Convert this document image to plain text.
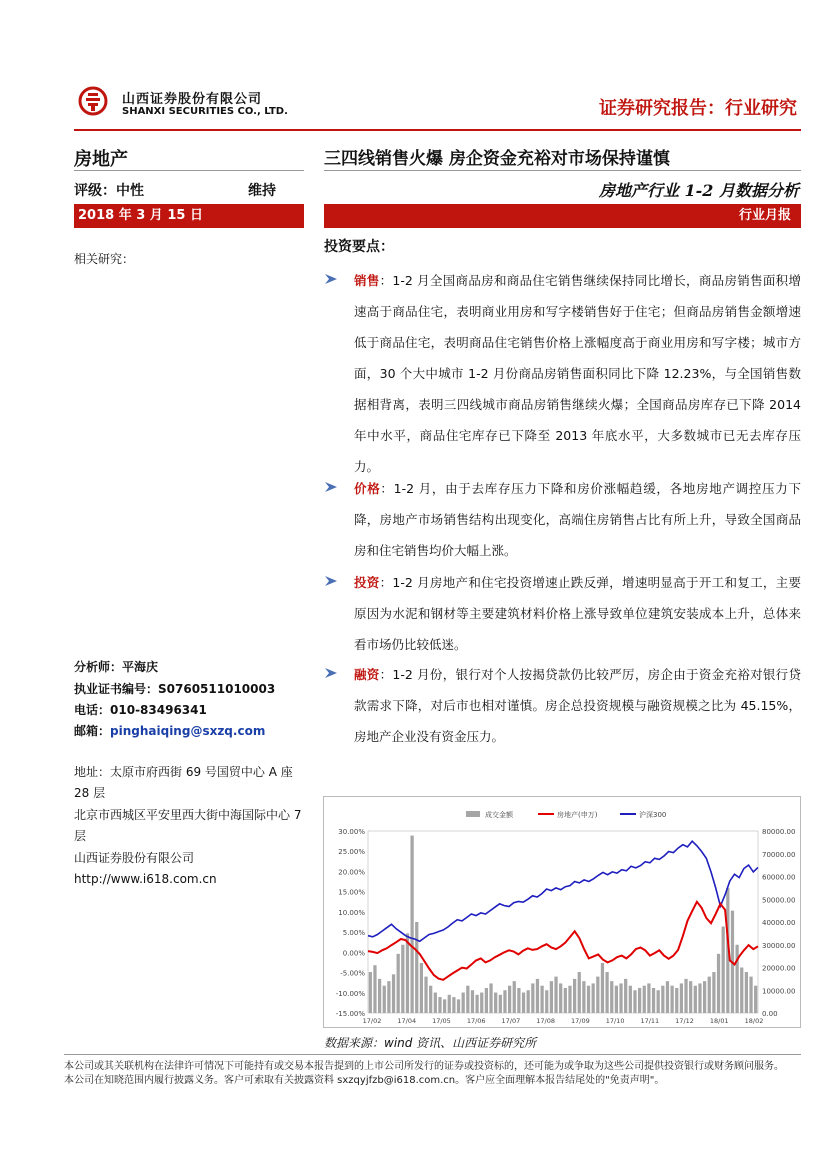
山西证券股份有限公司
SHANXI SECURITIES CO., LTD.	证券研究报告：行业研究
房地产
评级：中性	维持
2018 年 3 月 15 日
相关研究：
三四线销售火爆 房企资金充裕对市场保持谨慎
房地产行业 1-2 月数据分析
行业月报
投资要点：
销售：1-2 月全国商品房和商品住宅销售继续保持同比增长，商品房销售面积增速高于商品住宅，表明商业用房和写字楼销售好于住宅；但商品房销售金额增速低于商品住宅，表明商品住宅销售价格上涨幅度高于商业用房和写字楼；城市方面，30 个大中城市 1-2 月份商品房销售面积同比下降 12.23%，与全国销售数据相背离，表明三四线城市商品房销售继续火爆；全国商品房库存已下降 2014 年中水平，商品住宅库存已下降至 2013 年底水平，大多数城市已无去库存压力。
价格：1-2 月，由于去库存压力下降和房价涨幅趋缓，各地房地产调控压力下降，房地产市场销售结构出现变化，高端住房销售占比有所上升，导致全国商品房和住宅销售均价大幅上涨。
投资：1-2 月房地产和住宅投资增速止跌反弹，增速明显高于开工和复工，主要原因为水泥和钢材等主要建筑材料价格上涨导致单位建筑安装成本上升，总体来看市场仍比较低迷。
融资：1-2 月份，银行对个人按揭贷款仍比较严厉，房企由于资金充裕对银行贷款需求下降，对后市也相对谨慎。房企总投资规模与融资规模之比为 45.15%，房地产企业没有资金压力。
分析师：平海庆
执业证书编号：S0760511010003
电话：010-83496341
邮箱：pinghaiqing@sxzq.com
地址：太原市府西街 69 号国贸中心 A 座 28 层
北京市西城区平安里西大街中海国际中心 7 层
山西证券股份有限公司
http://www.i618.com.cn
30.00%
25.00%
20.00%
15.00%
10.00%
5.00%
0.00%
-5.00%
-10.00%
-15.00%
80000.00
70000.00
60000.00
50000.00
40000.00
30000.00
20000.00
10000.00
0.00
17/02 17/04 17/05 17/06 17/07 17/08 17/09 17/10 17/11 17/12 18/01 18/02
成交金额	房地产(申万)	沪深300
数据来源：wind 资讯、山西证券研究所
本公司或其关联机构在法律许可情况下可能持有或交易本报告提到的上市公司所发行的证券或投资标的，还可能为或争取为这些公司提供投资银行或财务顾问服务。本公司在知晓范围内履行披露义务。客户可索取有关披露资料 sxzqyjfzb@i618.com.cn。客户应全面理解本报告结尾处的"免责声明"。
